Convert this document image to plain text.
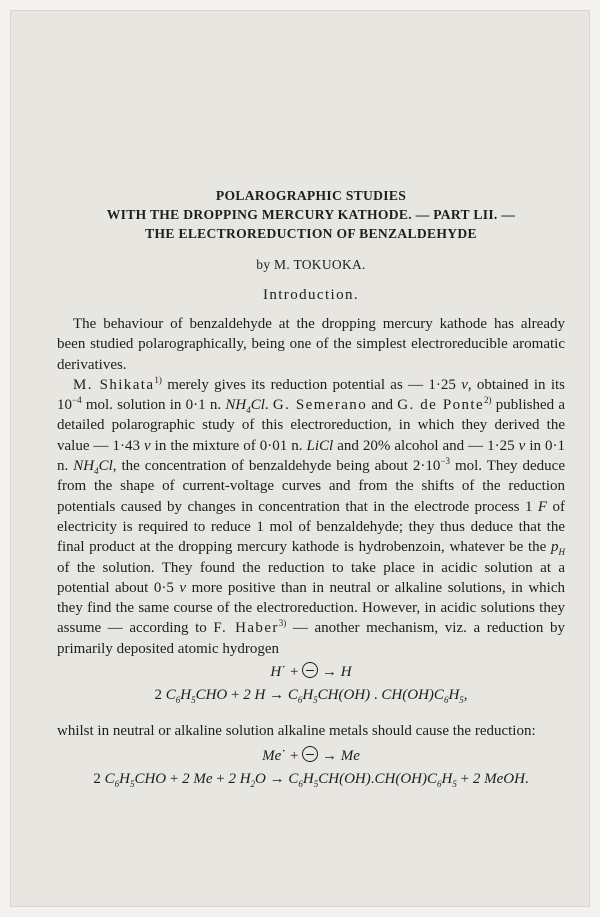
POLAROGRAPHIC STUDIES
WITH THE DROPPING MERCURY KATHODE. — PART LII. —
THE ELECTROREDUCTION OF BENZALDEHYDE
by M. TOKUOKA.
Introduction.

The behaviour of benzaldehyde at the dropping mercury kathode has already been studied polarographically, being one of the simplest electroreducible aromatic derivatives.

M. Shikata$^{1)}$ merely gives its reduction potential as — 1·25 v, obtained in its $10^{-4}$ mol. solution in 0·1 n. $NH_4Cl$. G. Semerano and G. de Ponte$^{2)}$ published a detailed polarographic study of this electroreduction, in which they derived the value — 1·43 v in the mixture of 0·01 n. LiCl and 20% alcohol and — 1·25 v in 0·1 n. $NH_4Cl$, the concentration of benzaldehyde being about $2\cdot 10^{-3}$ mol. They deduce from the shape of current-voltage curves and from the shifts of the reduction potentials caused by changes in concentration that in the electrode process 1 F of electricity is required to reduce 1 mol of benzaldehyde; they thus deduce that the final product at the dropping mercury kathode is hydrobenzoin, whatever be the $p_H$ of the solution. They found the reduction to take place in acidic solution at a potential about 0·5 v more positive than in neutral or alkaline solutions, in which they find the same course of the electroreduction. However, in acidic solutions they assume — according to F. Haber$^{3)}$ — another mechanism, viz. a reduction by primarily deposited atomic hydrogen

H˙ +  → H
2 $C_6H_5CHO + 2$ $H \to C_6H_5CH(OH)$ . $CH(OH)C_6H_5$,

whilst in neutral or alkaline solution alkaline metals should cause the reduction:

Me˙ +  → Me
2 $C_6H_5CHO + 2$ Me + 2 $H_2O \to C_6H_5CH(OH).CH(OH)C_6H_5 + 2$ MeOH.
